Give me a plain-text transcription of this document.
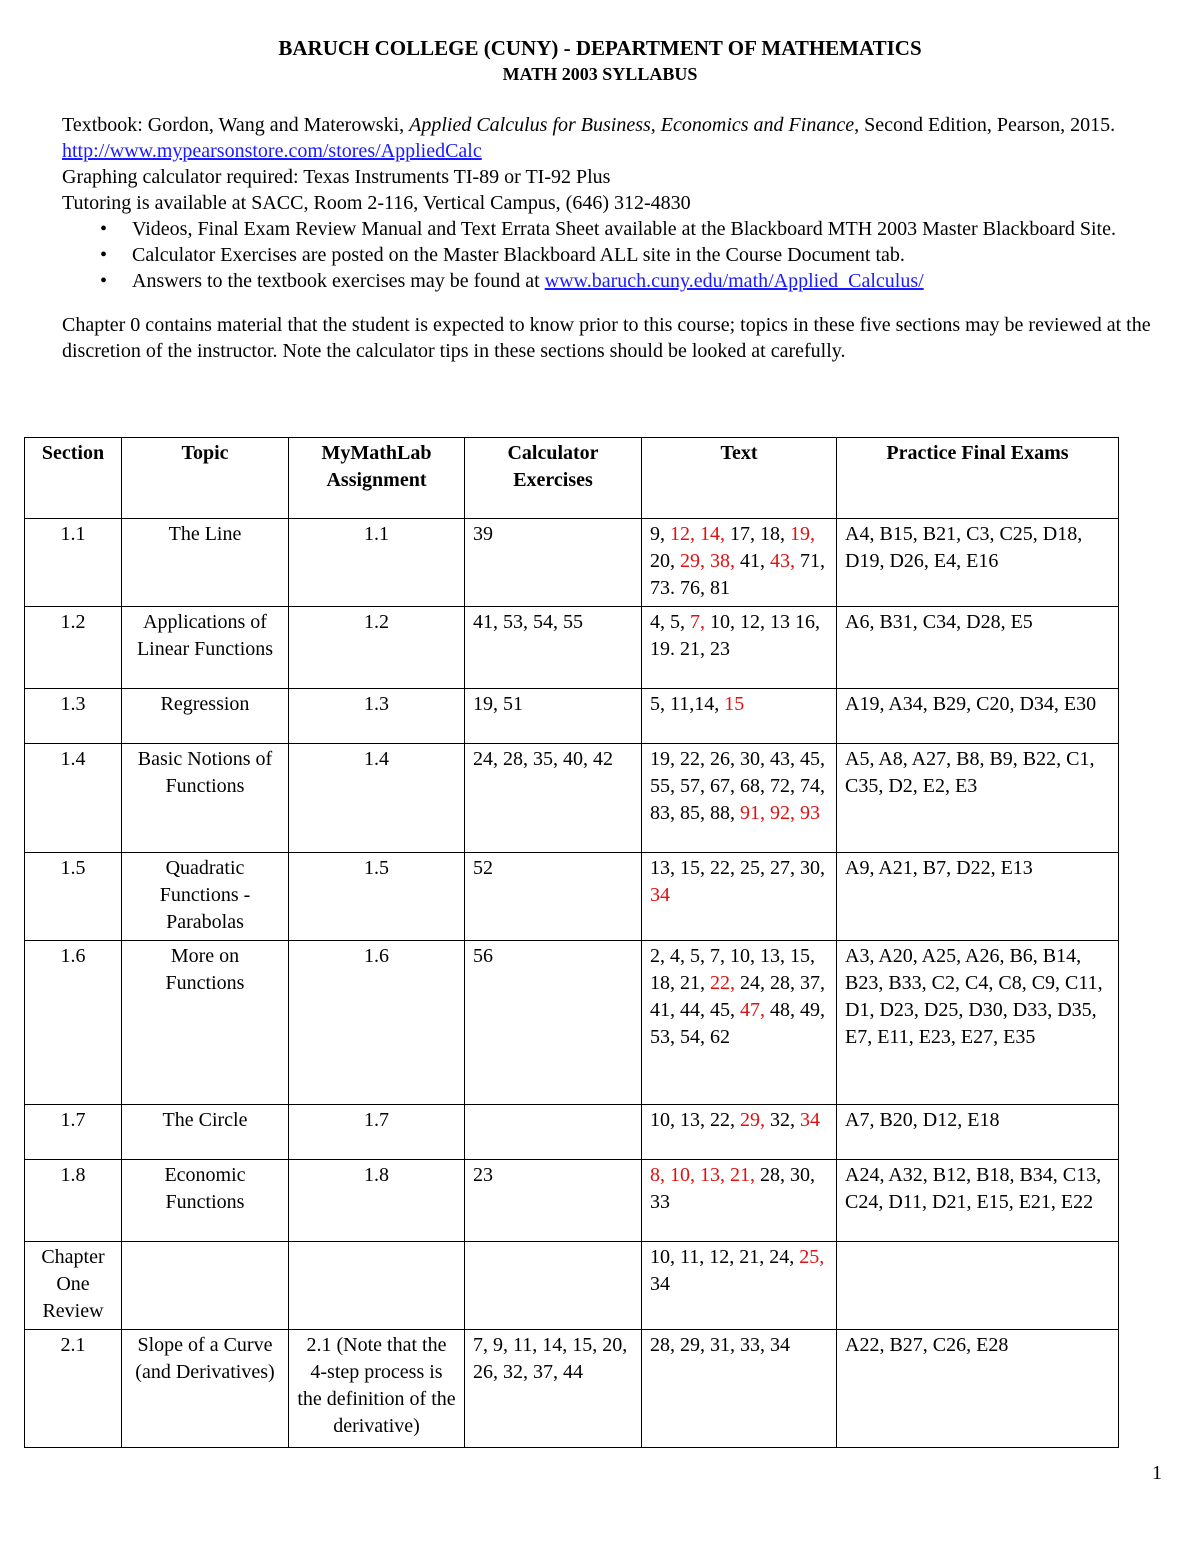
BARUCH COLLEGE (CUNY) - DEPARTMENT OF MATHEMATICS
MATH 2003 SYLLABUS

Textbook: Gordon, Wang and Materowski, Applied Calculus for Business, Economics and Finance, Second Edition, Pearson, 2015. http://www.mypearsonstore.com/stores/AppliedCalc

Graphing calculator required: Texas Instruments TI-89 or TI-92 Plus

Tutoring is available at SACC, Room 2-116, Vertical Campus, (646) 312-4830

• Videos, Final Exam Review Manual and Text Errata Sheet available at the Blackboard MTH 2003 Master Blackboard Site.
• Calculator Exercises are posted on the Master Blackboard ALL site in the Course Document tab.
• Answers to the textbook exercises may be found at www.baruch.cuny.edu/math/Applied_Calculus/

Chapter 0 contains material that the student is expected to know prior to this course; topics in these five sections may be reviewed at the discretion of the instructor. Note the calculator tips in these sections should be looked at carefully.

Section	Topic	MyMathLab Assignment	Calculator Exercises	Text	Practice Final Exams
1.1	The Line	1.1	39	9, 12, 14, 17, 18, 19, 20, 29, 38, 41, 43, 71, 73. 76, 81	A4, B15, B21, C3, C25, D18, D19, D26, E4, E16
1.2	Applications of Linear Functions	1.2	41, 53, 54, 55	4, 5, 7, 10, 12, 13 16, 19. 21, 23	A6, B31, C34, D28, E5
1.3	Regression	1.3	19, 51	5, 11,14, 15	A19, A34, B29, C20, D34, E30
1.4	Basic Notions of Functions	1.4	24, 28, 35, 40, 42	19, 22, 26, 30, 43, 45, 55, 57, 67, 68, 72, 74, 83, 85, 88, 91, 92, 93	A5, A8, A27, B8, B9, B22, C1, C35, D2, E2, E3
1.5	Quadratic Functions - Parabolas	1.5	52	13, 15, 22, 25, 27, 30, 34	A9, A21, B7, D22, E13
1.6	More on Functions	1.6	56	2, 4, 5, 7, 10, 13, 15, 18, 21, 22, 24, 28, 37, 41, 44, 45, 47, 48, 49, 53, 54, 62	A3, A20, A25, A26, B6, B14, B23, B33, C2, C4, C8, C9, C11, D1, D23, D25, D30, D33, D35, E7, E11, E23, E27, E35
1.7	The Circle	1.7		10, 13, 22, 29, 32, 34	A7, B20, D12, E18
1.8	Economic Functions	1.8	23	8, 10, 13, 21, 28, 30, 33	A24, A32, B12, B18, B34, C13, C24, D11, D21, E15, E21, E22
Chapter One Review				10, 11, 12, 21, 24, 25, 34	
2.1	Slope of a Curve (and Derivatives)	2.1 (Note that the 4-step process is the definition of the derivative)	7, 9, 11, 14, 15, 20, 26, 32, 37, 44	28, 29, 31, 33, 34	A22, B27, C26, E28
1
